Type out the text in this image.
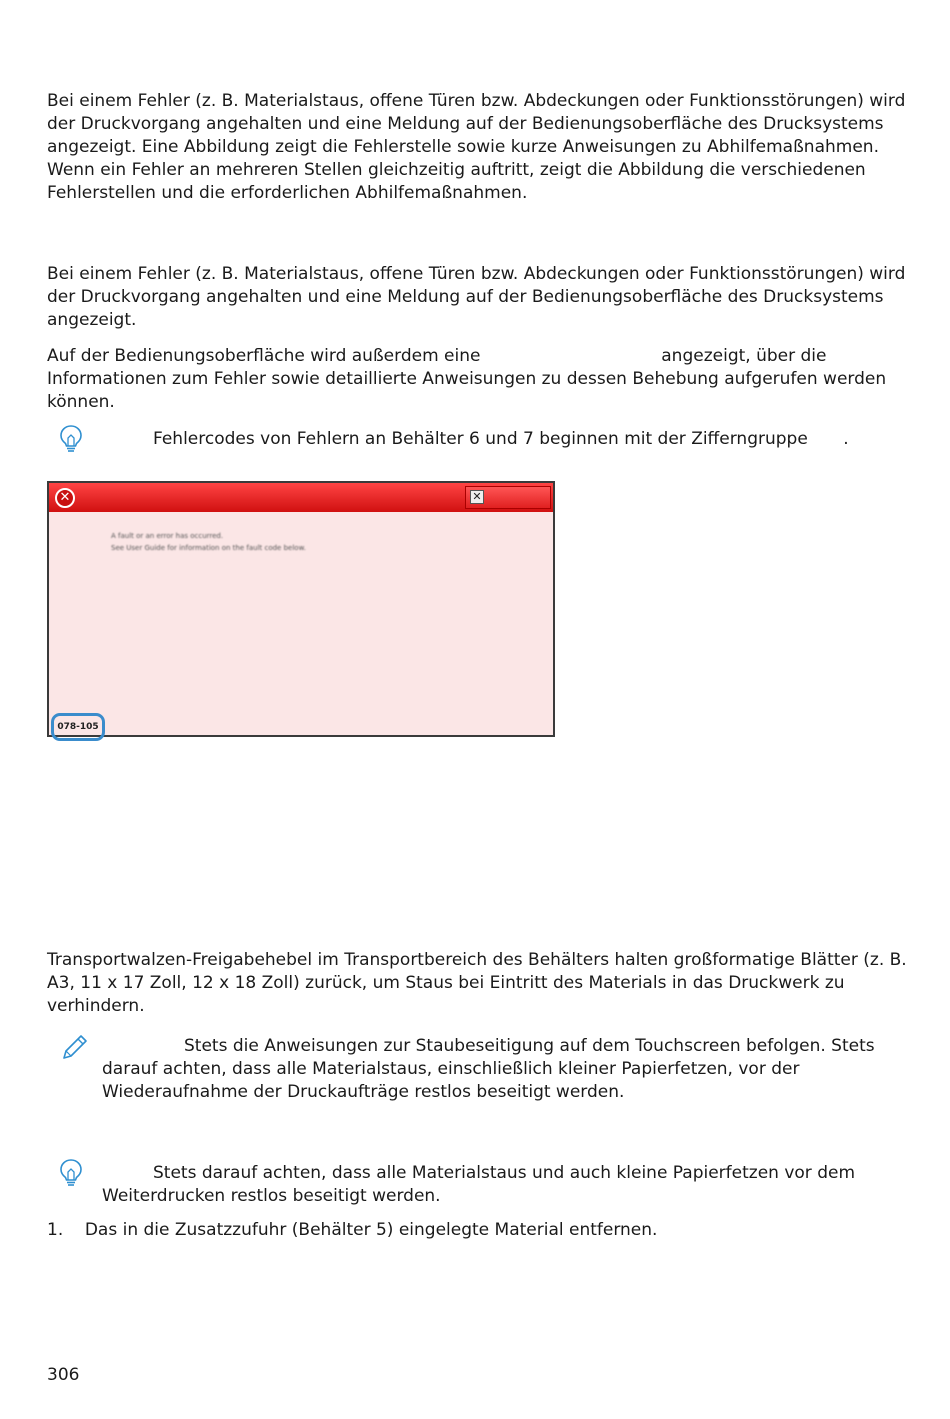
Bei einem Fehler (z. B. Materialstaus, offene Türen bzw. Abdeckungen oder Funktionsstörungen) wird der Druckvorgang angehalten und eine Meldung auf der Bedienungsoberfläche des Drucksystems angezeigt. Eine Abbildung zeigt die Fehlerstelle sowie kurze Anweisungen zu Abhilfemaßnahmen. Wenn ein Fehler an mehreren Stellen gleichzeitig auftritt, zeigt die Abbildung die verschiedenen Fehlerstellen und die erforderlichen Abhilfemaßnahmen.

Bei einem Fehler (z. B. Materialstaus, offene Türen bzw. Abdeckungen oder Funktionsstörungen) wird der Druckvorgang angehalten und eine Meldung auf der Bedienungsoberfläche des Drucksystems angezeigt.

Auf der Bedienungsoberfläche wird außerdem eine	angezeigt, über die Informationen zum Fehler sowie detaillierte Anweisungen zu dessen Behebung aufgerufen werden können.

Fehlercodes von Fehlern an Behälter 6 und 7 beginnen mit der Zifferngruppe .

✕	✕
A fault or an error has occurred.
See User Guide for information on the fault code below.
078-105

Transportwalzen-Freigabehebel im Transportbereich des Behälters halten großformatige Blätter (z. B. A3, 11 x 17 Zoll, 12 x 18 Zoll) zurück, um Staus bei Eintritt des Materials in das Druckwerk zu verhindern.

Stets die Anweisungen zur Staubeseitigung auf dem Touchscreen befolgen. Stets

darauf achten, dass alle Materialstaus, einschließlich kleiner Papierfetzen, vor der Wiederaufnahme der Druckaufträge restlos beseitigt werden.

Stets darauf achten, dass alle Materialstaus und auch kleine Papierfetzen vor dem

Weiterdrucken restlos beseitigt werden.

1.    Das in die Zusatzzufuhr (Behälter 5) eingelegte Material entfernen.

306
